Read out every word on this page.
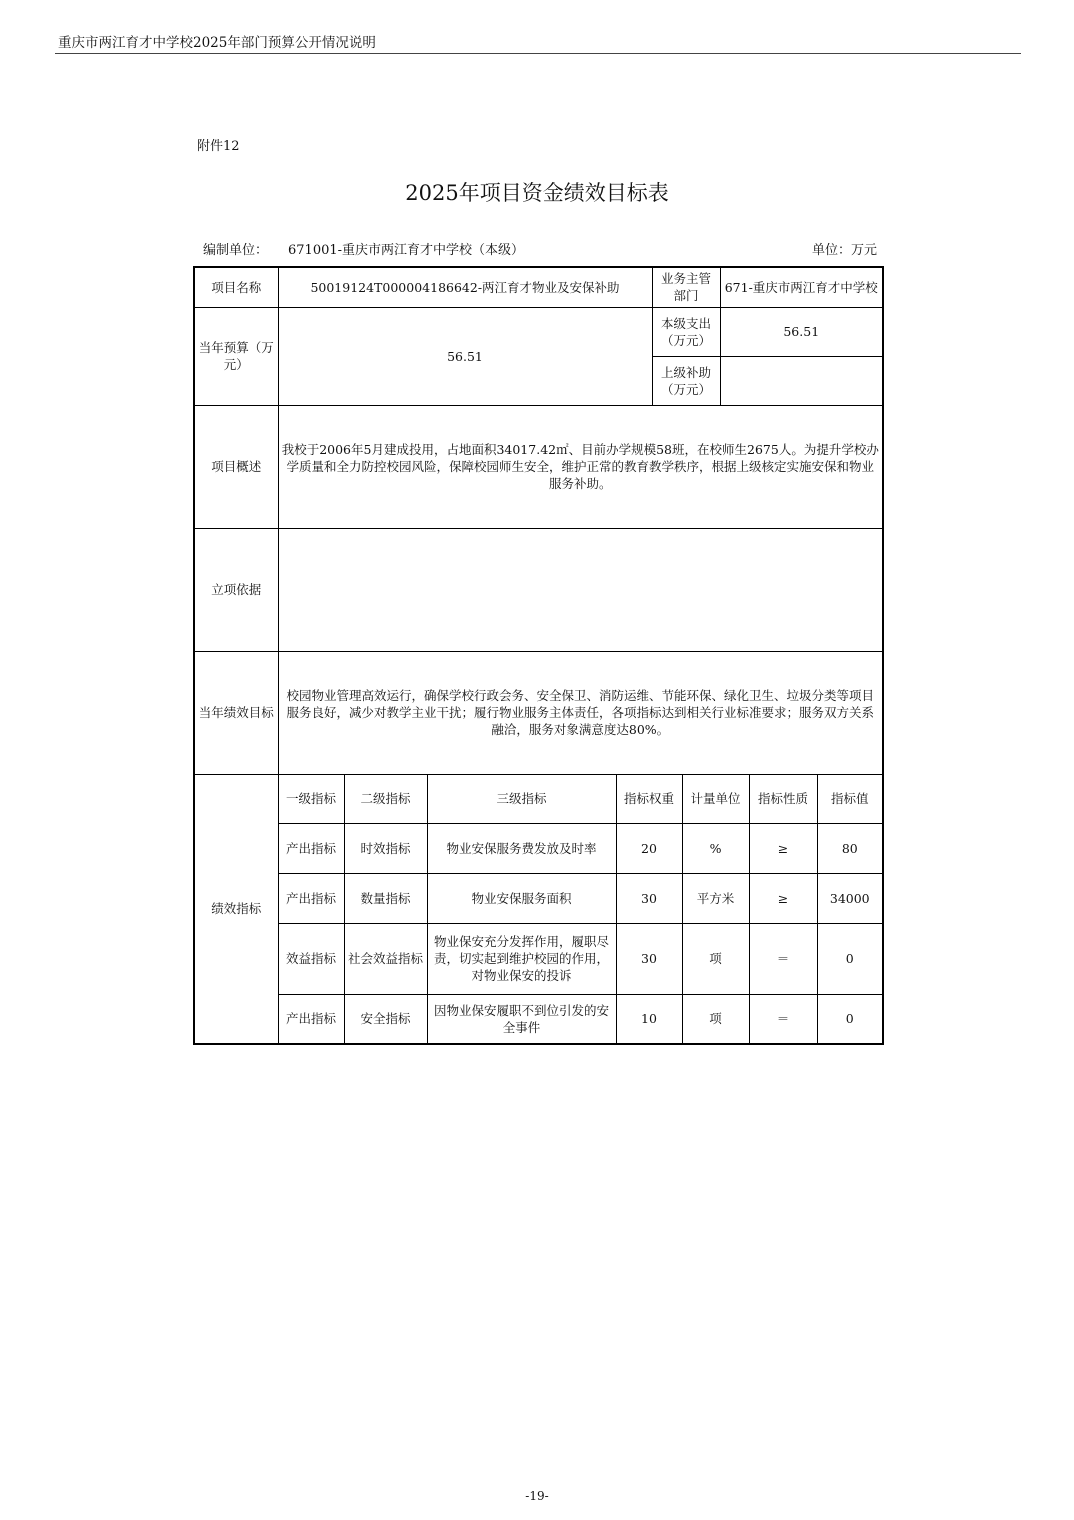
重庆市两江育才中学校2025年部门预算公开情况说明
附件12
2025年项目资金绩效目标表
编制单位： 671001-重庆市两江育才中学校（本级）	单位：万元
项目名称	50019124T000004186642-两江育才物业及安保补助				业务主管部门		671-重庆市两江育才中学校		
当年预算（万元）	56.51				本级支出（万元）		56.51		
					上级补助（万元）				
项目概述	我校于2006年5月建成投用，占地面积34017.42㎡、目前办学规模58班，在校师生2675人。为提升学校办学质量和全力防控校园风险，保障校园师生安全，维护正常的教育教学秩序，根据上级核定实施安保和物业服务补助。								
立项依据									
当年绩效目标	校园物业管理高效运行，确保学校行政会务、安全保卫、消防运维、节能环保、绿化卫生、垃圾分类等项目服务良好，减少对教学主业干扰；履行物业服务主体责任，各项指标达到相关行业标准要求；服务双方关系融洽，服务对象满意度达80%。								
绩效指标	一级指标	二级指标	三级指标	指标权重		计量单位		指标性质	指标值
	产出指标	时效指标	物业安保服务费发放及时率	20		%		≥	80
	产出指标	数量指标	物业安保服务面积	30		平方米		≥	34000
	效益指标	社会效益指标	物业保安充分发挥作用，履职尽责，切实起到维护校园的作用，对物业保安的投诉	30		项		＝	0
	产出指标	安全指标	因物业保安履职不到位引发的安全事件	10		项		＝	0
-19-
